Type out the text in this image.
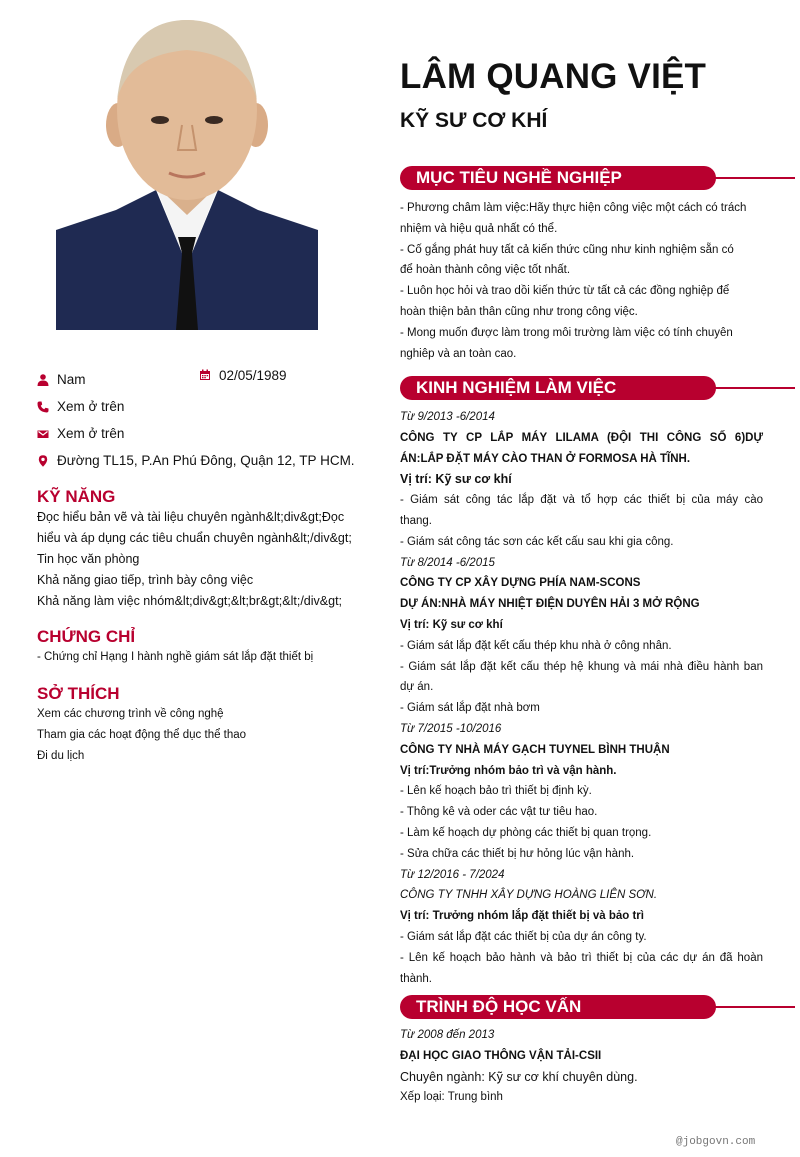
Nam	02/05/1989
Xem ở trên
Xem ở trên
Đường TL15, P.An Phú Đông, Quận 12, TP HCM.
KỸ NĂNG
Đọc hiểu bản vẽ và tài liệu chuyên ngành&lt;div&gt;Đọc
hiểu và áp dụng các tiêu chuẩn chuyên ngành&lt;/div&gt;
Tin học văn phòng
Khả năng giao tiếp, trình bày công việc
Khả năng làm việc nhóm&lt;div&gt;&lt;br&gt;&lt;/div&gt;
CHỨNG CHỈ
- Chứng chỉ Hạng I hành nghề giám sát lắp đặt thiết bị
SỞ THÍCH
Xem các chương trình về công nghệ
Tham gia các hoạt động thể dục thể thao
Đi du lịch
LÂM QUANG VIỆT
KỸ SƯ CƠ KHÍ
MỤC TIÊU NGHỀ NGHIỆP
- Phương châm làm việc:Hãy thực hiện công việc một cách có trách
nhiệm và hiệu quả nhất có thể.
- Cố gắng phát huy tất cả kiến thức cũng như kinh nghiệm sẵn có
để hoàn thành công việc tốt nhất.
- Luôn học hỏi và trao dồi kiến thức từ tất cả các đồng nghiệp để
hoàn thiện bản thân cũng như trong công việc.
- Mong muốn được làm trong môi trường làm việc có tính chuyên
nghiêp và an toàn cao.
KINH NGHIỆM LÀM VIỆC
Từ 9/2013 -6/2014
CÔNG TY CP LẮP MÁY LILAMA (ĐỘI THI CÔNG SỐ 6)DỰ
ÁN:LẮP ĐẶT MÁY CÀO THAN Ở FORMOSA HÀ TĨNH.
Vị trí: Kỹ sư cơ khí
- Giám sát công tác lắp đặt và tổ hợp các thiết bị của máy cào
thang.
- Giám sát công tác sơn các kết cấu sau khi gia công.
Từ 8/2014 -6/2015
CÔNG TY CP XÂY DỰNG PHÍA NAM-SCONS
DỰ ÁN:NHÀ MÁY NHIỆT ĐIỆN DUYÊN HẢI 3 MỞ RỘNG
Vị trí: Kỹ sư cơ khí
- Giám sát lắp đặt kết cấu thép khu nhà ở công nhân.
- Giám sát lắp đặt kết cấu thép hệ khung và mái nhà điều hành ban
dự án.
- Giám sát lắp đặt nhà bơm
Từ 7/2015 -10/2016
CÔNG TY NHÀ MÁY GẠCH TUYNEL BÌNH THUẬN
Vị trí:Trưởng nhóm bảo trì và vận hành.
- Lên kế hoạch bảo trì thiết bị định kỳ.
- Thông kê và oder các vật tư tiêu hao.
- Làm kế hoạch dự phòng các thiết bị quan trọng.
- Sửa chữa các thiết bị hư hỏng lúc vận hành.
Từ 12/2016 - 7/2024
CÔNG TY TNHH XÂY DỰNG HOÀNG LIÊN SƠN.
Vị trí: Trưởng nhóm lắp đặt thiết bị và bảo trì
- Giám sát lắp đặt các thiết bị của dự án công ty.
- Lên kế hoạch bảo hành và bảo trì thiết bị của các dự án đã hoàn
thành.
TRÌNH ĐỘ HỌC VẤN
Từ 2008 đến 2013
ĐẠI HỌC GIAO THÔNG VẬN TẢI-CSII
Chuyên ngành: Kỹ sư cơ khí chuyên dùng.
Xếp loại: Trung bình
@jobgovn.com
